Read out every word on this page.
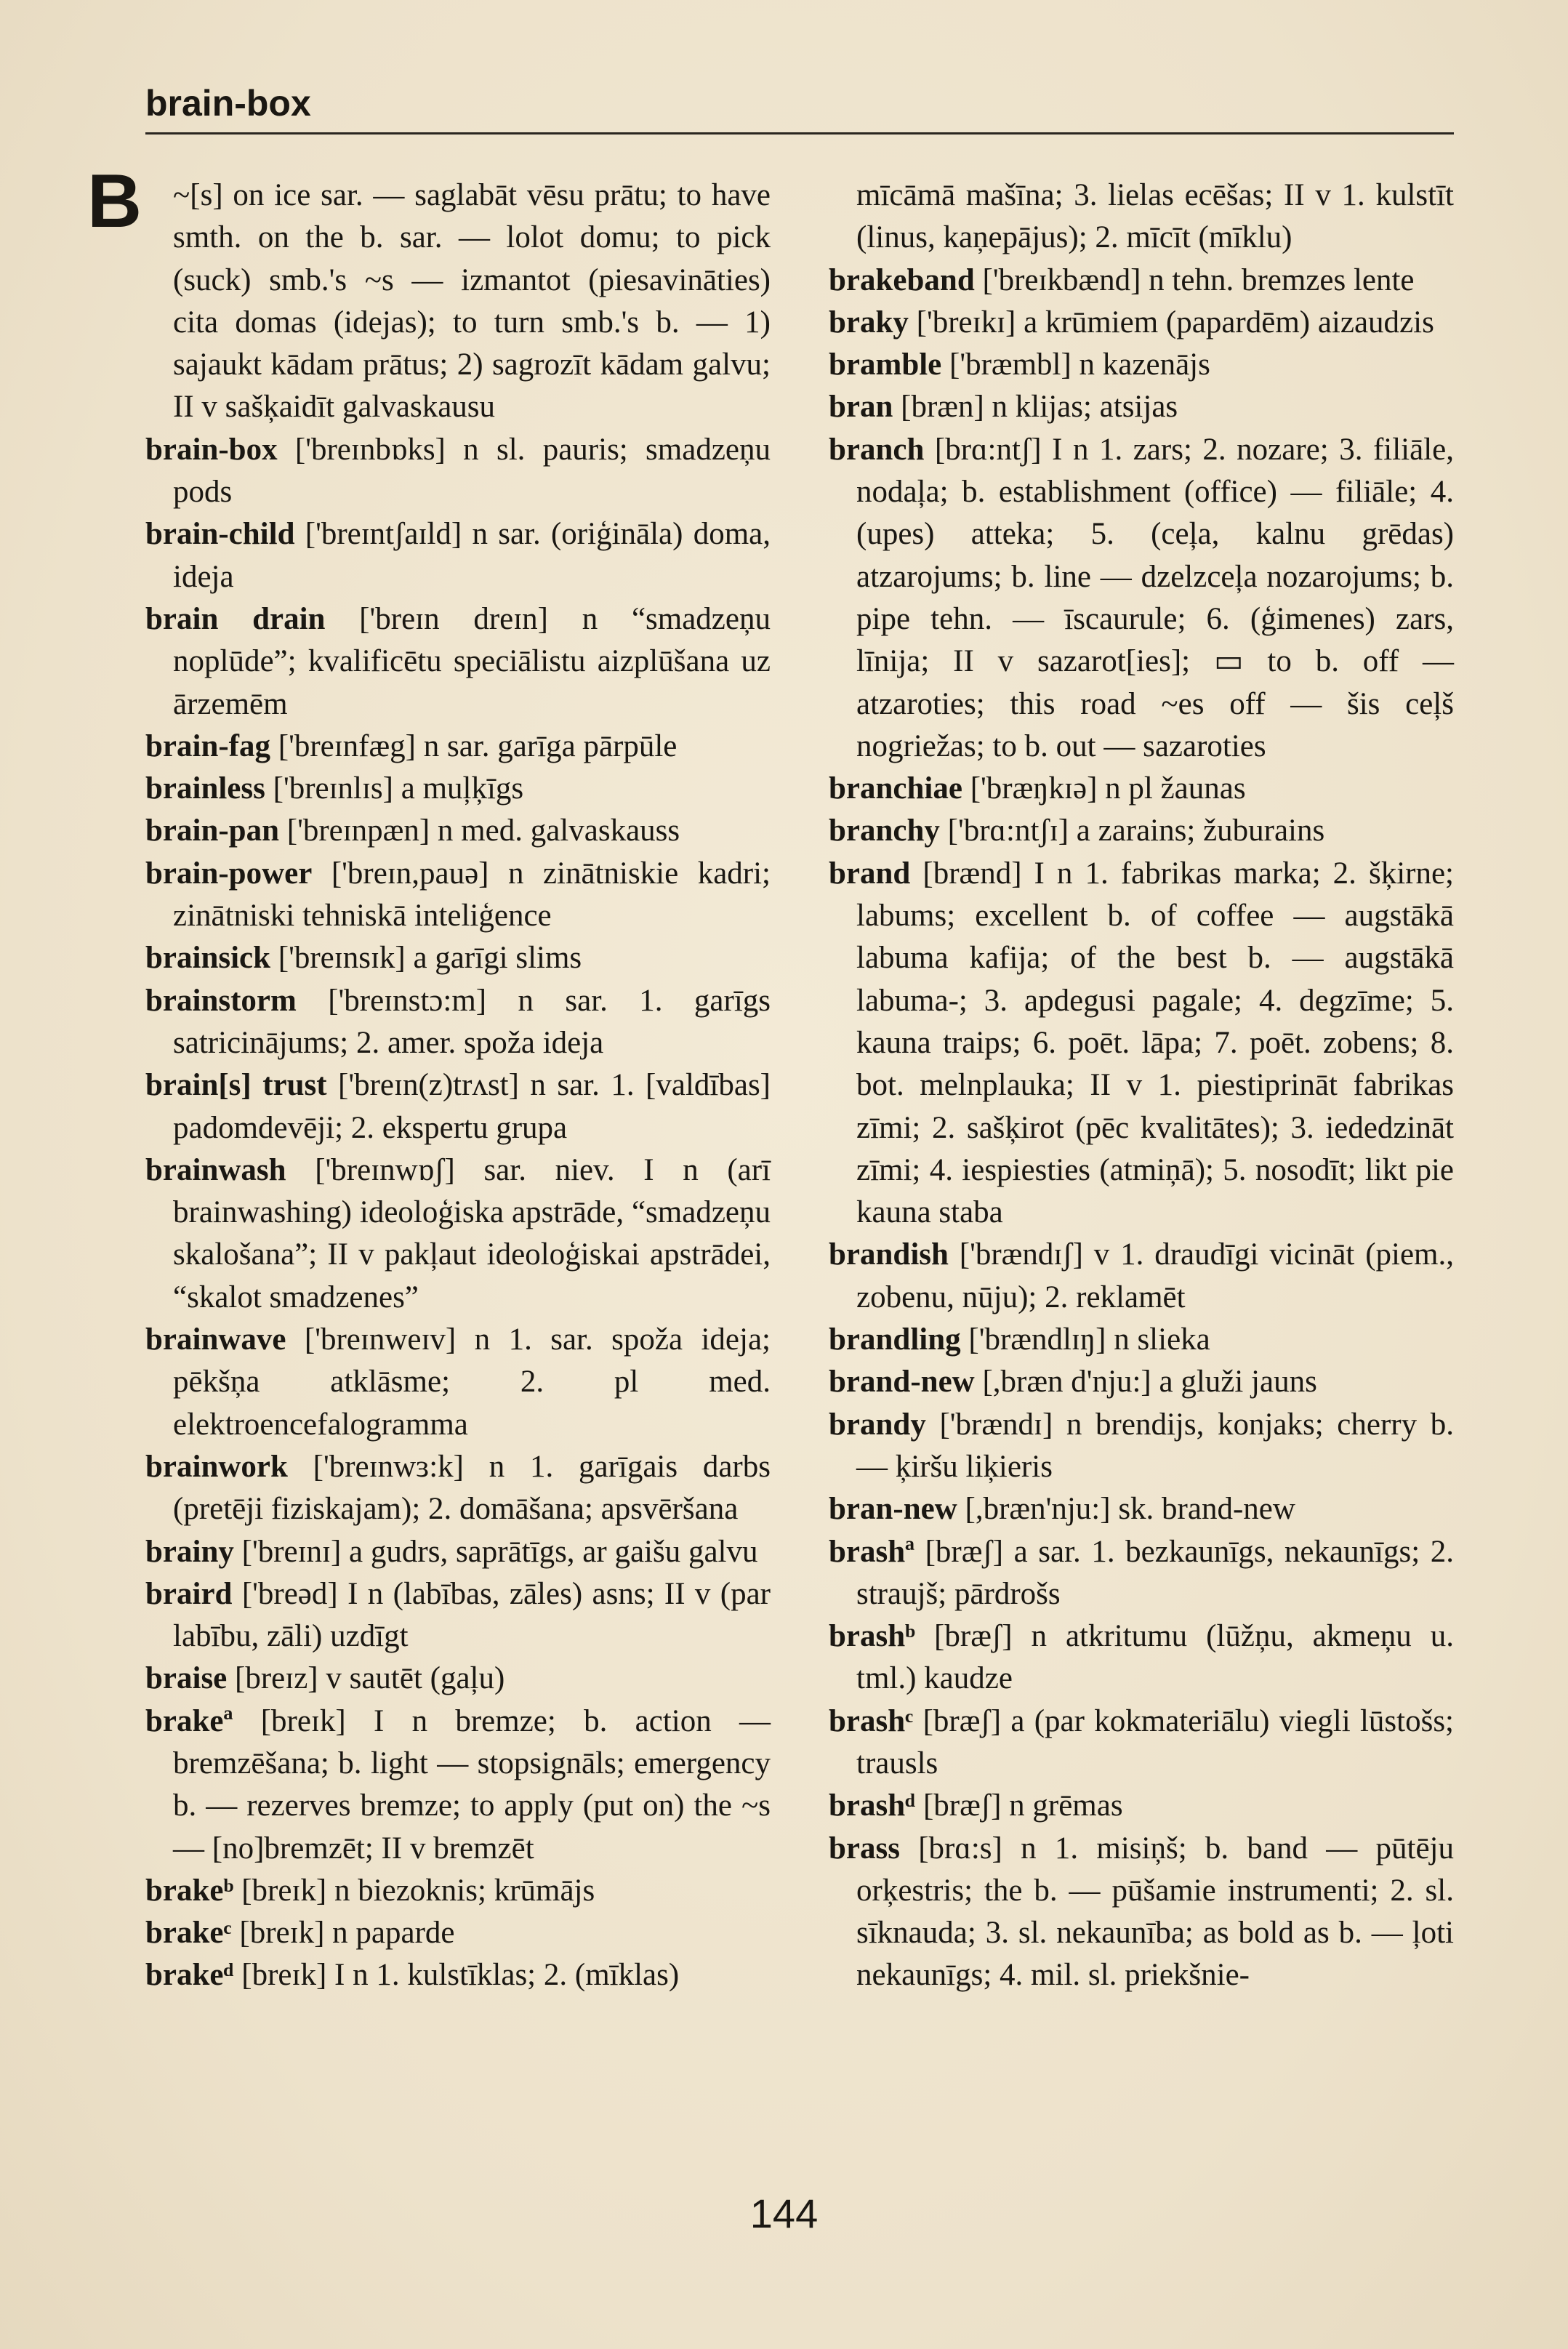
brain-box
B ~[s] on ice sar. — saglabāt vēsu prātu; to have smth. on the b. sar. — lolot domu; to pick (suck) smb.'s ~s — izmantot (piesavināties) cita domas (idejas); to turn smb.'s b. — 1) sajaukt kādam prātus; 2) sagrozīt kādam galvu; II v sašķaidīt galvaskausu

brain-box ['breɪnbɒks] n sl. pauris; smadzeņu pods

brain-child ['breɪntʃaɪld] n sar. (oriģināla) doma, ideja

brain drain ['breɪn dreɪn] n “smadzeņu noplūde”; kvalificētu speciālistu aizplūšana uz ārzemēm

brain-fag ['breɪnfæg] n sar. garīga pārpūle

brainless ['breɪnlɪs] a muļķīgs

brain-pan ['breɪnpæn] n med. galvaskauss

brain-power ['breɪn,pauə] n zinātniskie kadri; zinātniski tehniskā inteliģence

brainsick ['breɪnsɪk] a garīgi slims

brainstorm ['breɪnstɔ:m] n sar. 1. garīgs satricinājums; 2. amer. spoža ideja

brain[s] trust ['breɪn(z)trʌst] n sar. 1. [valdības] padomdevēji; 2. ekspertu grupa

brainwash ['breɪnwɒʃ] sar. niev. I n (arī brainwashing) ideoloģiska apstrāde, “smadzeņu skalošana”; II v pakļaut ideoloģiskai apstrādei, “skalot smadzenes”

brainwave ['breɪnweɪv] n 1. sar. spoža ideja; pēkšņa atklāsme; 2. pl med. elektroencefalogramma

brainwork ['breɪnwɜ:k] n 1. garīgais darbs (pretēji fiziskajam); 2. domāšana; apsvēršana

brainy ['breɪnɪ] a gudrs, saprātīgs, ar gaišu galvu

braird ['breəd] I n (labības, zāles) asns; II v (par labību, zāli) uzdīgt

braise [breɪz] v sautēt (gaļu)

brakeª [breɪk] I n bremze; b. action — bremzēšana; b. light — stopsignāls; emergency b. — rezerves bremze; to apply (put on) the ~s — [no]bremzēt; II v bremzēt

brakeᵇ [breɪk] n biezoknis; krūmājs

brakeᶜ [breɪk] n paparde

brakeᵈ [breɪk] I n 1. kulstīklas; 2. (mīklas)

mīcāmā mašīna; 3. lielas ecēšas; II v 1. kulstīt (linus, kaņepājus); 2. mīcīt (mīklu)

brakeband ['breɪkbænd] n tehn. bremzes lente

braky ['breɪkɪ] a krūmiem (papardēm) aizaudzis

bramble ['bræmbl] n kazenājs

bran [bræn] n klijas; atsijas

branch [brɑ:ntʃ] I n 1. zars; 2. nozare; 3. filiāle, nodaļa; b. establishment (office) — filiāle; 4. (upes) atteka; 5. (ceļa, kalnu grēdas) atzarojums; b. line — dzelzceļa nozarojums; b. pipe tehn. — īscaurule; 6. (ģimenes) zars, līnija; II v sazarot[ies]; ▭ to b. off — atzaroties; this road ~es off — šis ceļš nogriežas; to b. out — sazaroties

branchiae ['bræŋkɪə] n pl žaunas

branchy ['brɑ:ntʃɪ] a zarains; žuburains

brand [brænd] I n 1. fabrikas marka; 2. šķirne; labums; excellent b. of coffee — augstākā labuma kafija; of the best b. — augstākā labuma-; 3. apdegusi pagale; 4. degzīme; 5. kauna traips; 6. poēt. lāpa; 7. poēt. zobens; 8. bot. melnplauka; II v 1. piestiprināt fabrikas zīmi; 2. sašķirot (pēc kvalitātes); 3. iededzināt zīmi; 4. iespiesties (atmiņā); 5. nosodīt; likt pie kauna staba

brandish ['brændɪʃ] v 1. draudīgi vicināt (piem., zobenu, nūju); 2. reklamēt

brandling ['brændlɪŋ] n slieka

brand-new [,bræn d'nju:] a gluži jauns

brandy ['brændɪ] n brendijs, konjaks; cherry b. — ķiršu liķieris

bran-new [,bræn'nju:] sk. brand-new

brashª [bræʃ] a sar. 1. bezkaunīgs, nekaunīgs; 2. straujš; pārdrošs

brashᵇ [bræʃ] n atkritumu (lūžņu, akmeņu u. tml.) kaudze

brashᶜ [bræʃ] a (par kokmateriālu) viegli lūstošs; trausls

brashᵈ [bræʃ] n grēmas

brass [brɑ:s] n 1. misiņš; b. band — pūtēju orķestris; the b. — pūšamie instrumenti; 2. sl. sīknauda; 3. sl. nekaunība; as bold as b. — ļoti nekaunīgs; 4. mil. sl. priekšnie-

144
